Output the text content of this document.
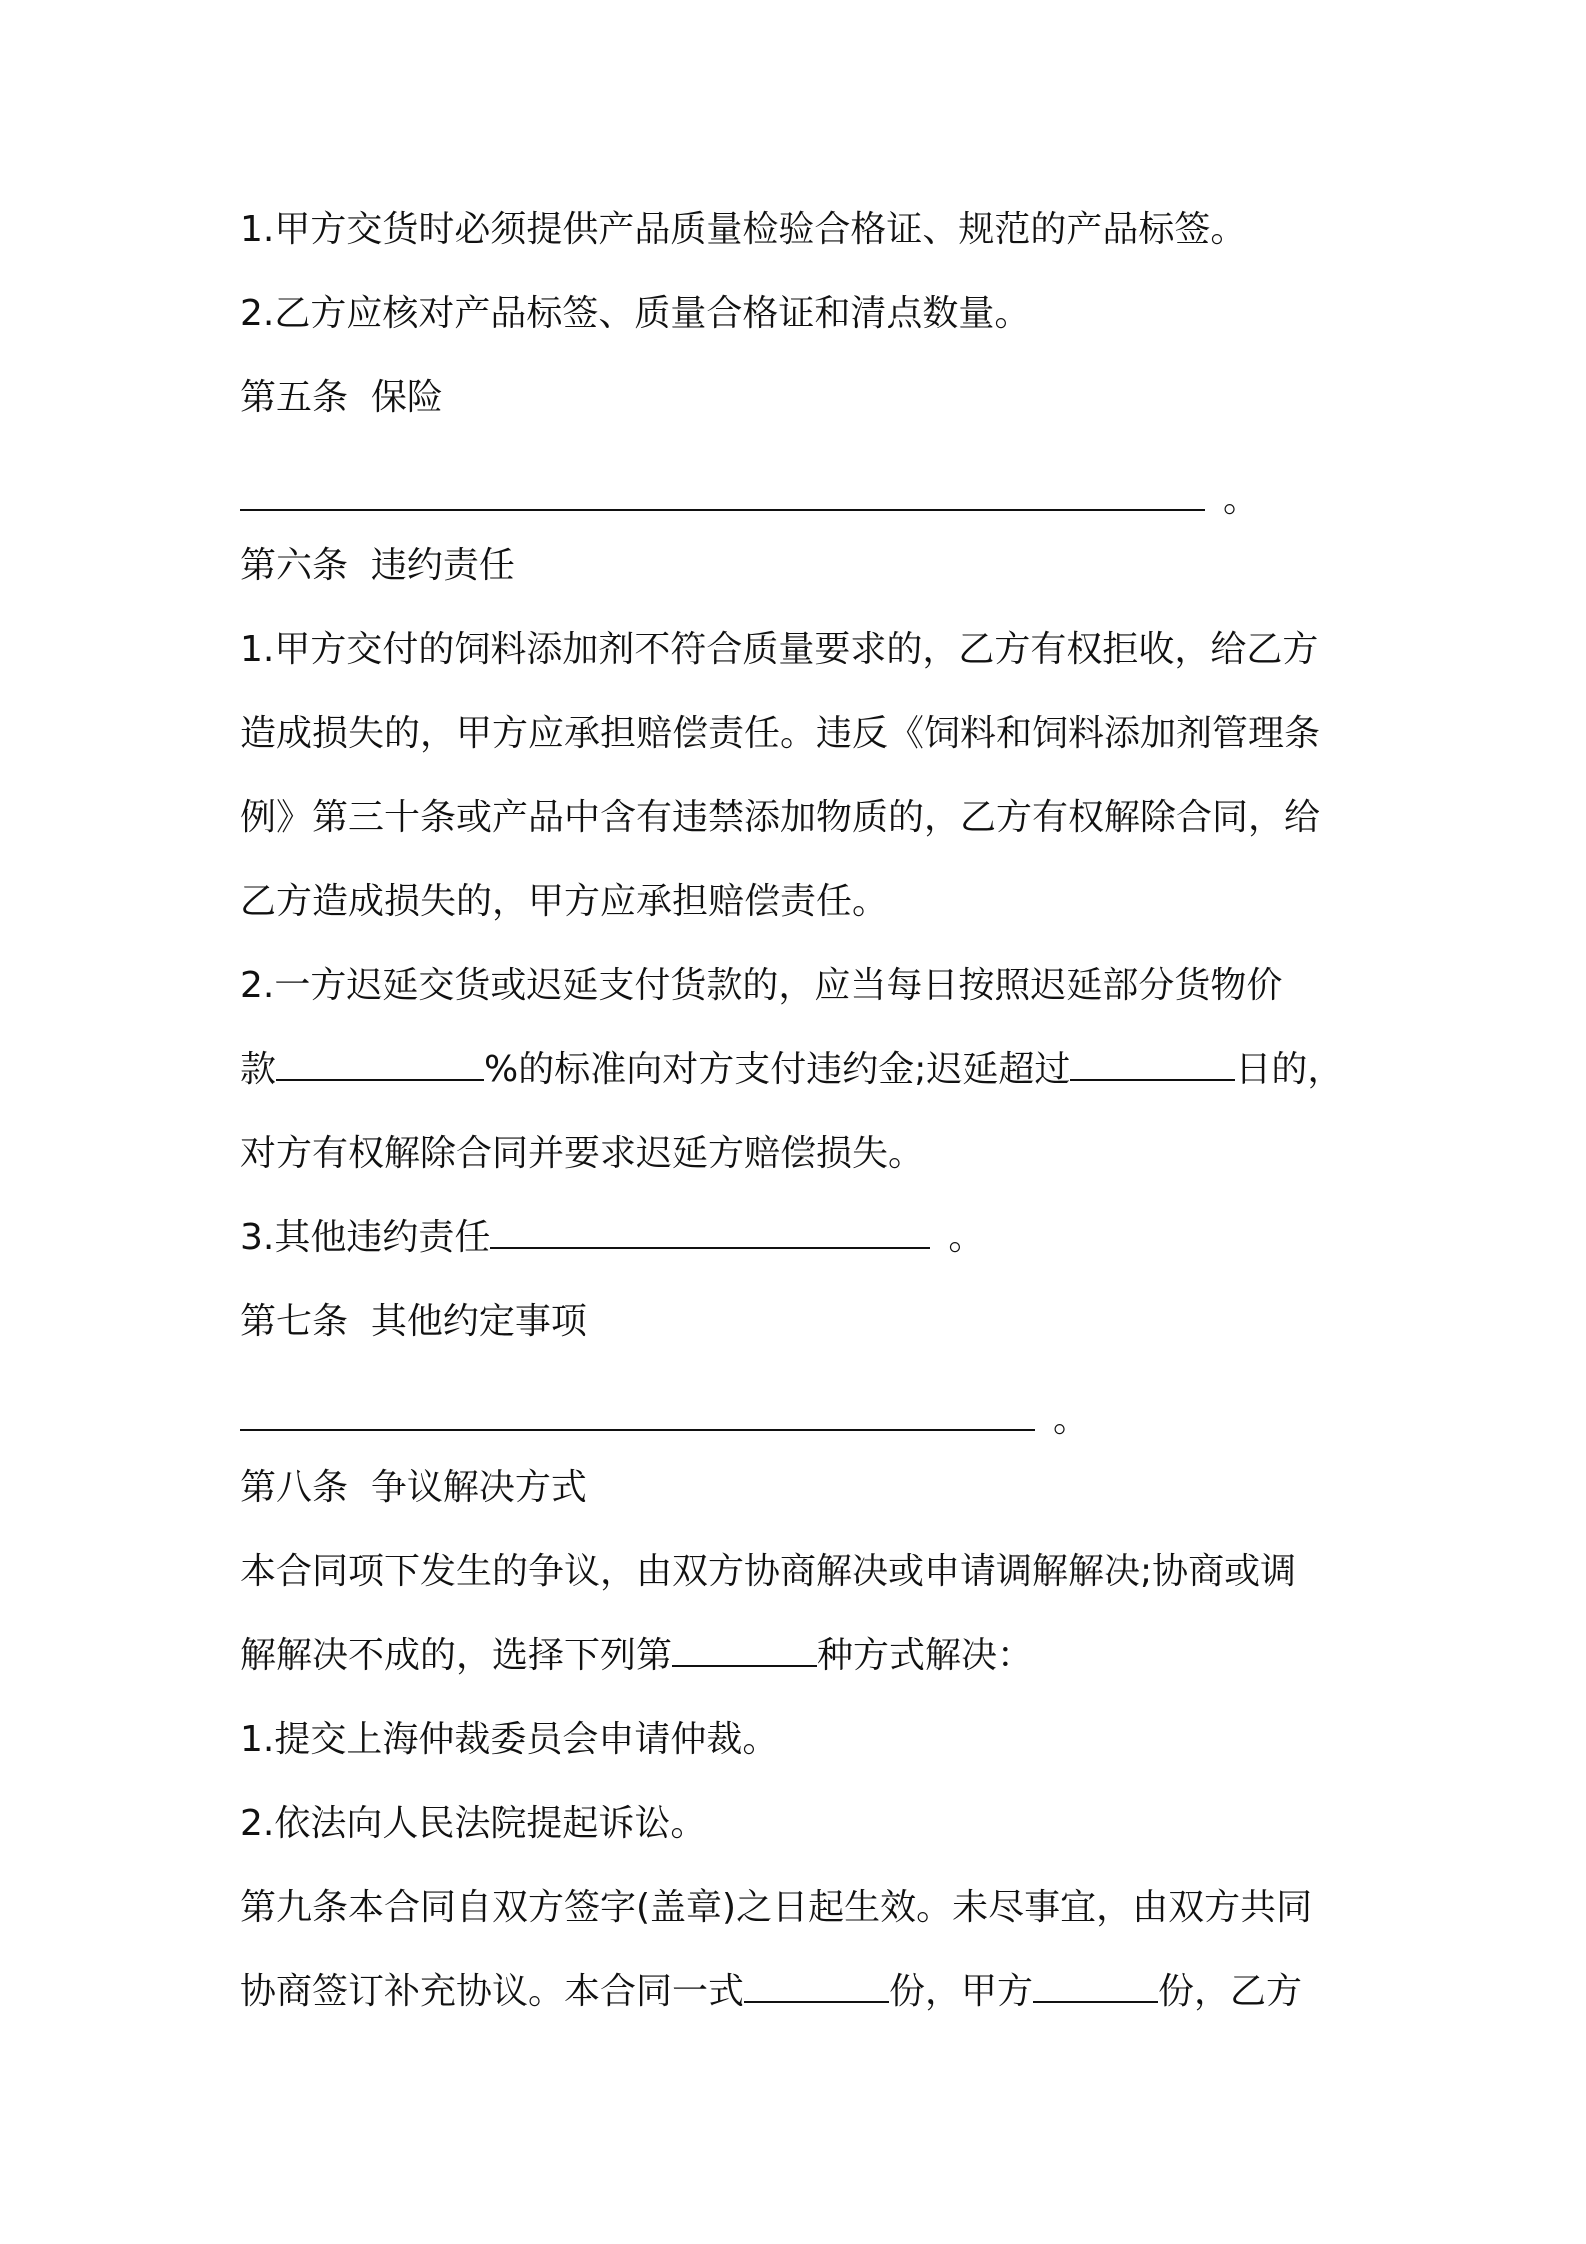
1.甲方交货时必须提供产品质量检验合格证、规范的产品标签。
2.乙方应核对产品标签、质量合格证和清点数量。
第五条  保险
。
第六条  违约责任
1.甲方交付的饲料添加剂不符合质量要求的，乙方有权拒收，给乙方
造成损失的，甲方应承担赔偿责任。违反《饲料和饲料添加剂管理条
例》第三十条或产品中含有违禁添加物质的，乙方有权解除合同，给
乙方造成损失的，甲方应承担赔偿责任。
2.一方迟延交货或迟延支付货款的，应当每日按照迟延部分货物价
款	%的标准向对方支付违约金;迟延超过	日的，
对方有权解除合同并要求迟延方赔偿损失。
3.其他违约责任	。
第七条  其他约定事项
。
第八条  争议解决方式
本合同项下发生的争议，由双方协商解决或申请调解解决;协商或调
解解决不成的，选择下列第	种方式解决：
1.提交上海仲裁委员会申请仲裁。
2.依法向人民法院提起诉讼。
第九条本合同自双方签字(盖章)之日起生效。未尽事宜，由双方共同
协商签订补充协议。本合同一式	份，甲方	份，乙方
